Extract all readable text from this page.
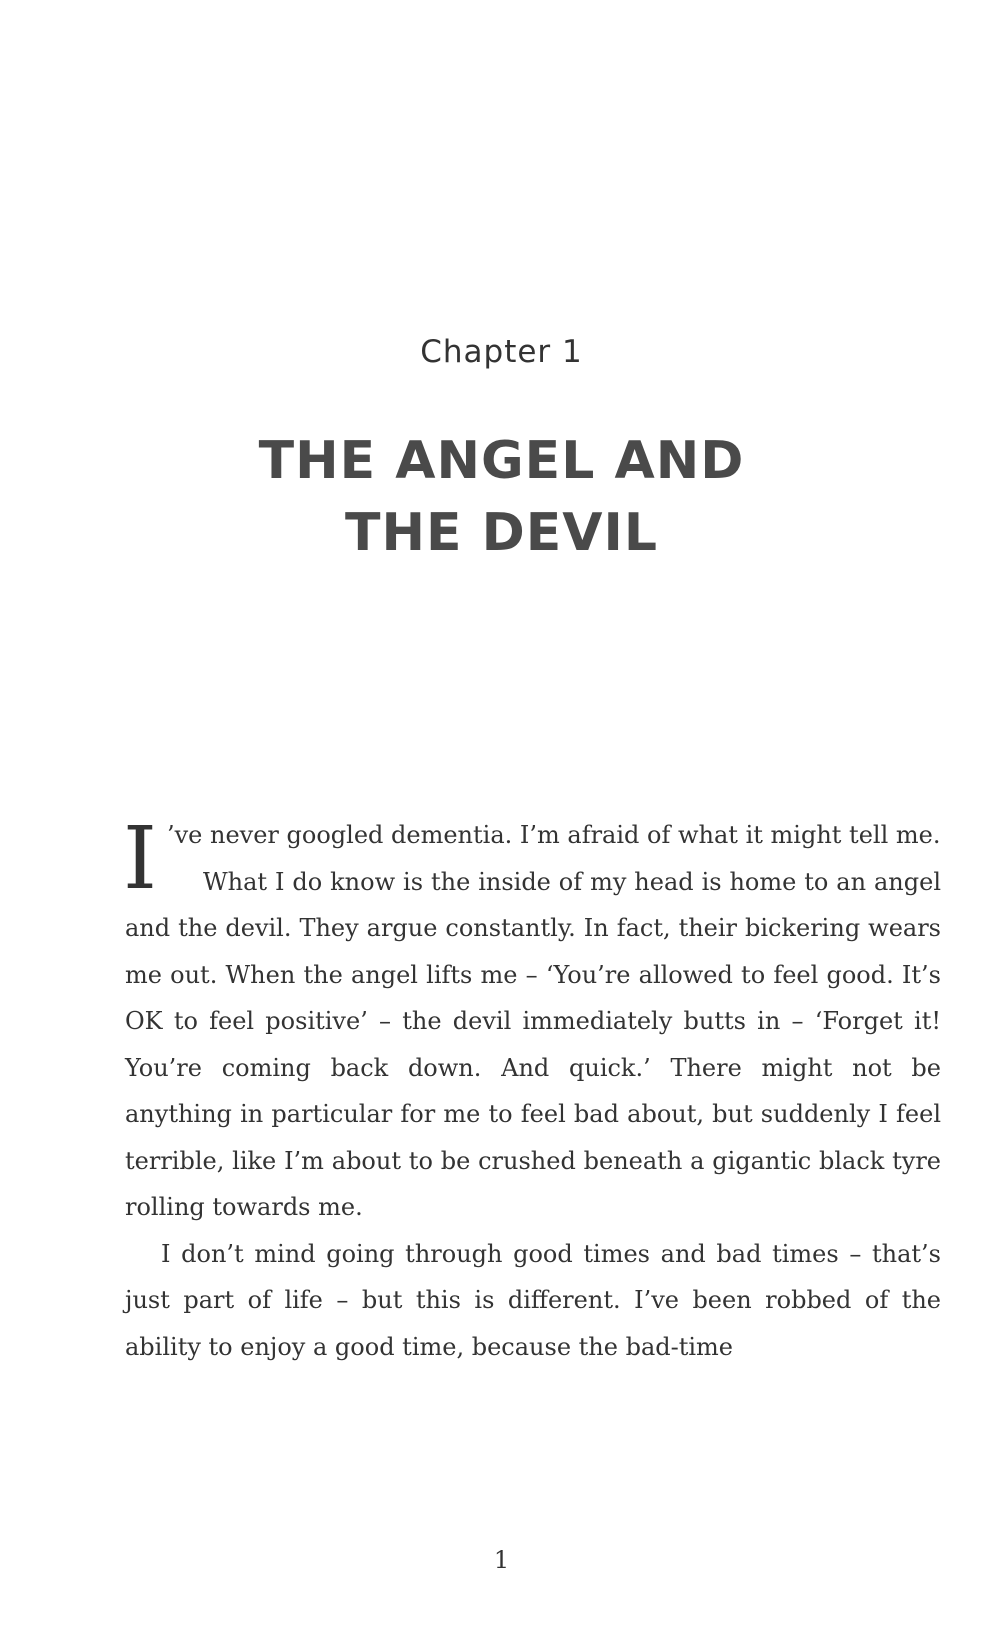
Chapter 1
THE ANGEL AND
THE DEVIL

I ’ve never googled dementia. I’m afraid of what it might tell me.

What I do know is the inside of my head is home to an angel and the devil. They argue constantly. In fact, their bickering wears me out. When the angel lifts me – ‘You’re allowed to feel good. It’s OK to feel positive’ – the devil immediately butts in – ‘Forget it! You’re coming back down. And quick.’ There might not be anything in particular for me to feel bad about, but suddenly I feel terrible, like I’m about to be crushed beneath a gigantic black tyre rolling towards me.

I don’t mind going through good times and bad times – that’s just part of life – but this is different. I’ve been robbed of the ability to enjoy a good time, because the bad-time

1
